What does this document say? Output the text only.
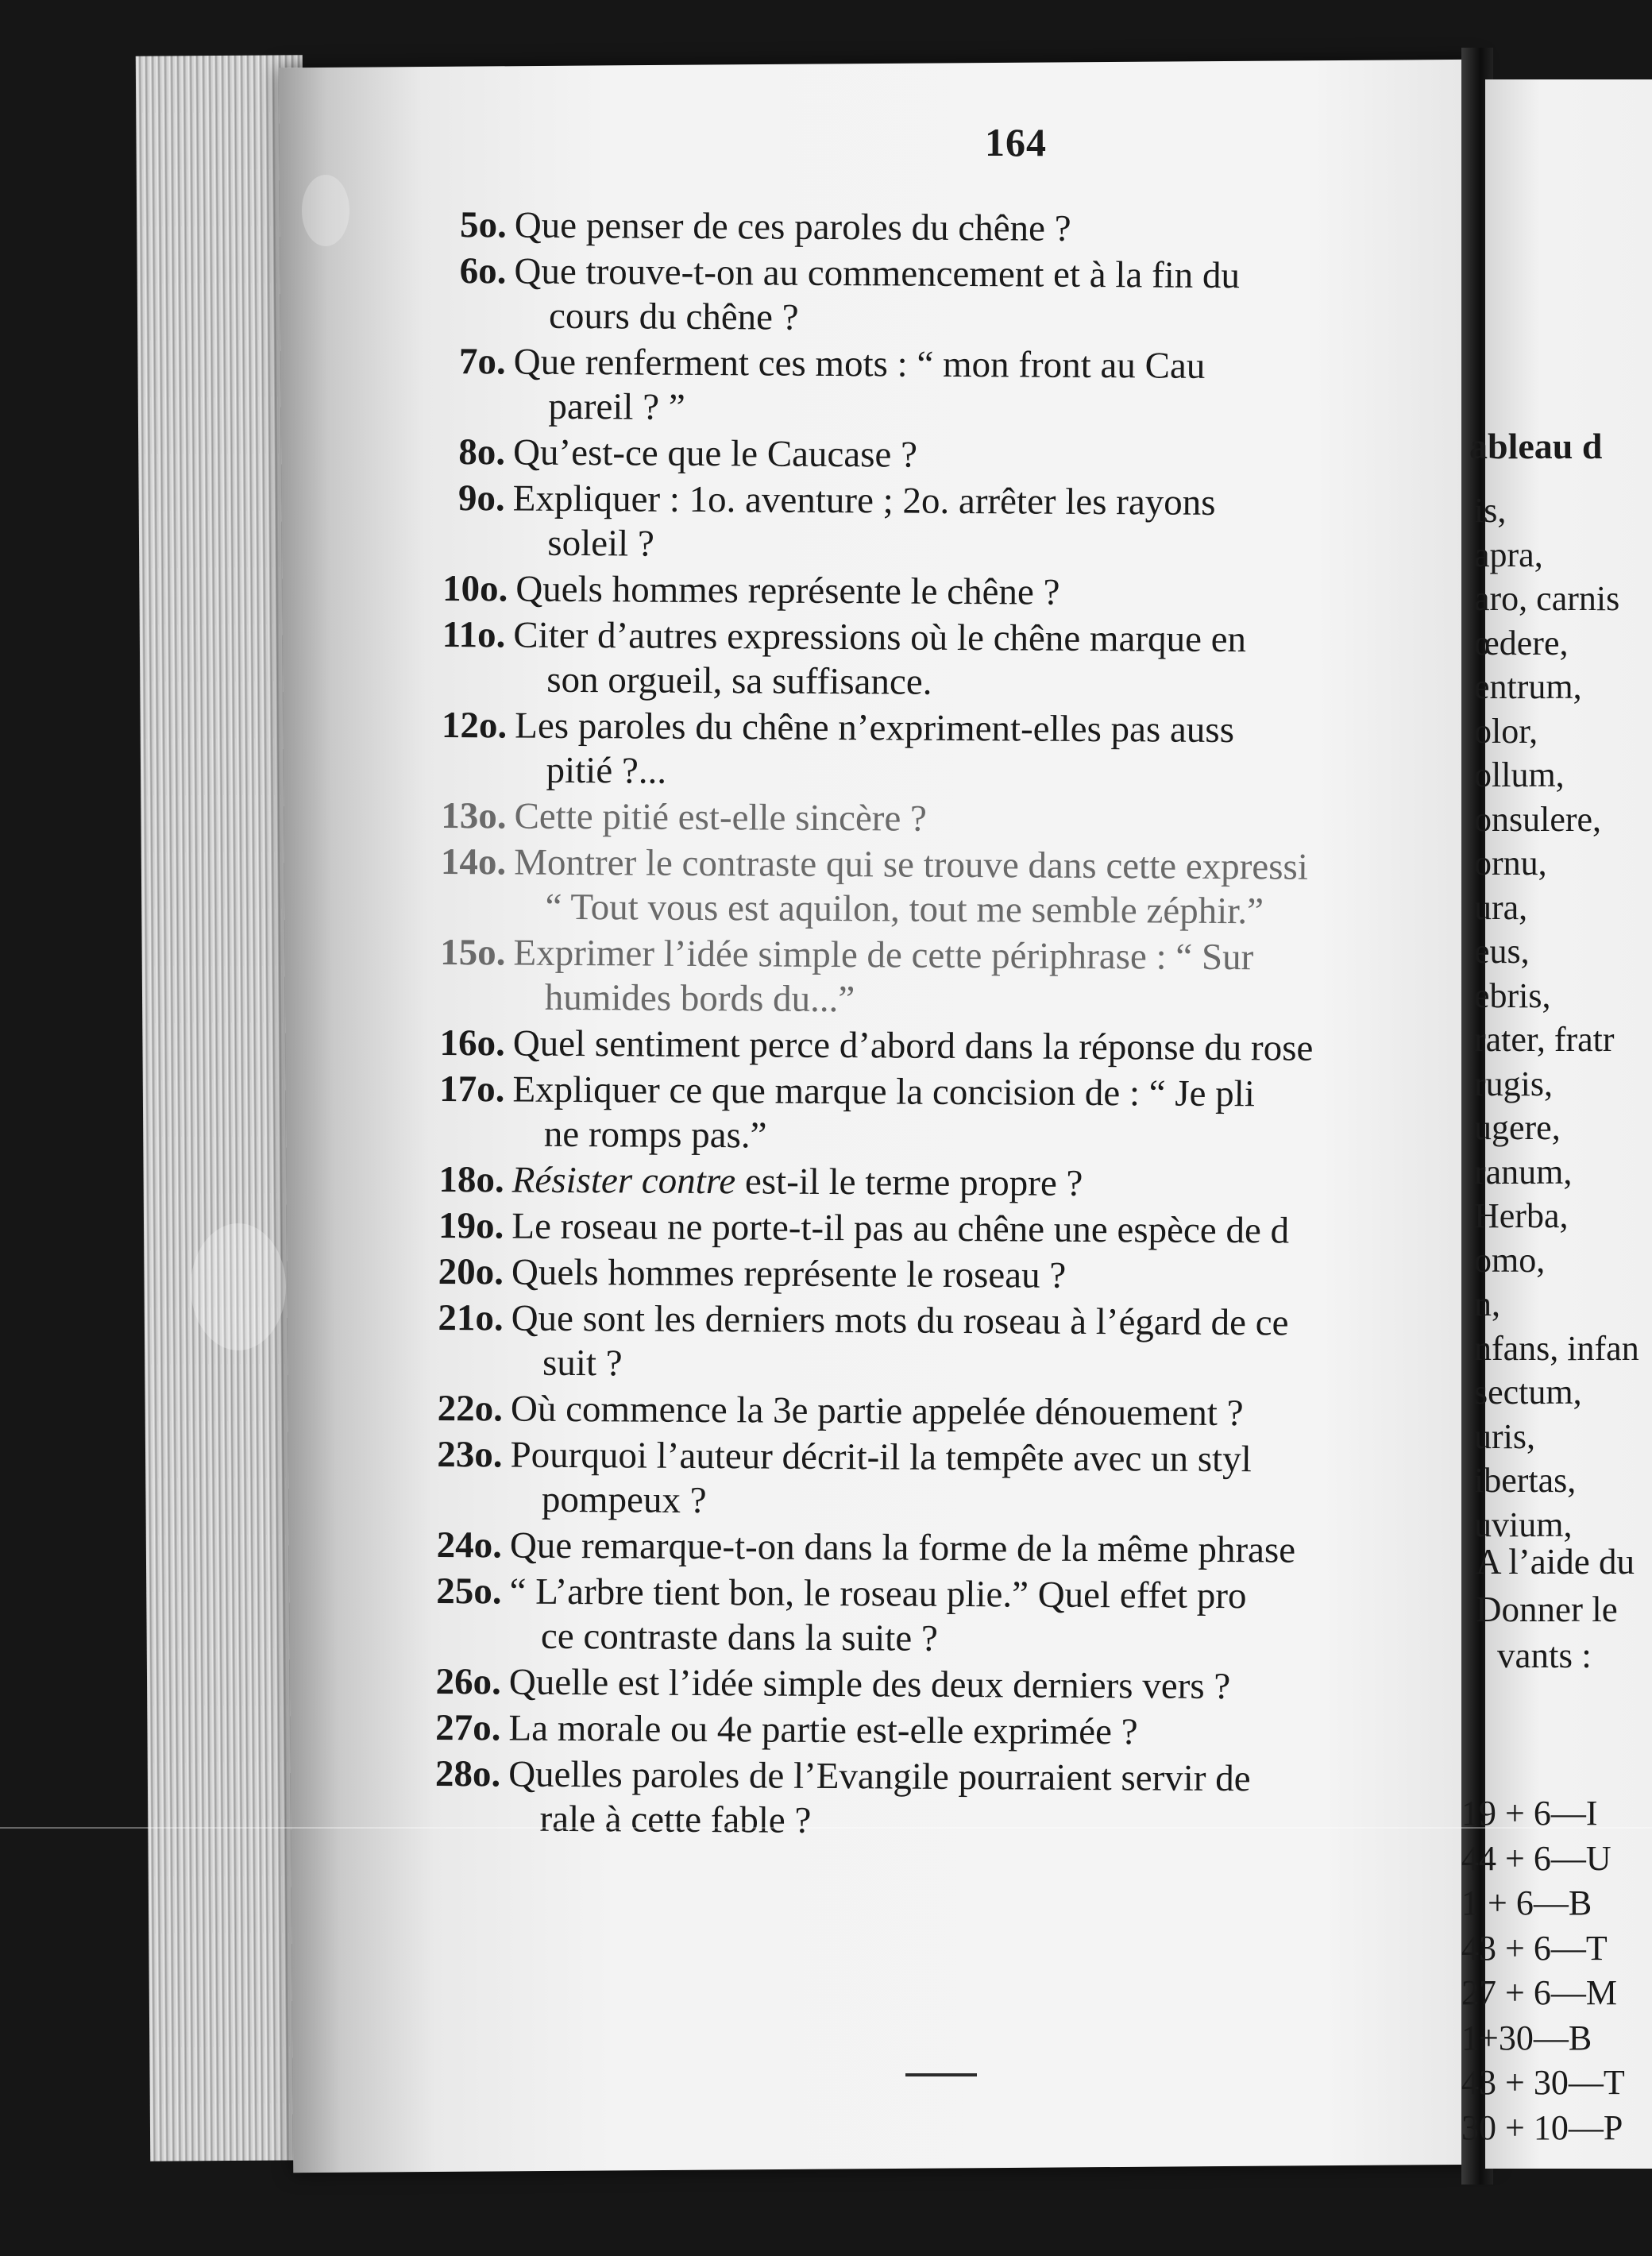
164
5o. Que penser de ces paroles du chêne ?
6o. Que trouve-t-on au commencement et à la fin du
cours du chêne ?
7o. Que renferment ces mots : “ mon front au Cau
pareil ? ”
8o. Qu’est-ce que le Caucase ?
9o. Expliquer : 1o. aventure ; 2o. arrêter les rayons
soleil ?
10o. Quels hommes représente le chêne ?
11o. Citer d’autres expressions où le chêne marque en
son orgueil, sa suffisance.
12o. Les paroles du chêne n’expriment-elles pas auss
pitié ?...
13o. Cette pitié est-elle sincère ?
14o. Montrer le contraste qui se trouve dans cette expressi
“ Tout vous est aquilon, tout me semble zéphir.”
15o. Exprimer l’idée simple de cette périphrase : “ Sur
humides bords du...”
16o. Quel sentiment perce d’abord dans la réponse du rose
17o. Expliquer ce que marque la concision de : “ Je pli
ne romps pas.”
18o. Résister contre est-il le terme propre ?
19o. Le roseau ne porte-t-il pas au chêne une espèce de d
20o. Quels hommes représente le roseau ?
21o. Que sont les derniers mots du roseau à l’égard de ce
suit ?
22o. Où commence la 3e partie appelée dénouement ?
23o. Pourquoi l’auteur décrit-il la tempête avec un styl
pompeux ?
24o. Que remarque-t-on dans la forme de la même phrase
25o. “ L’arbre tient bon, le roseau plie.” Quel effet pro
ce contraste dans la suite ?
26o. Quelle est l’idée simple des deux derniers vers ?
27o. La morale ou 4e partie est-elle exprimée ?
28o. Quelles paroles de l’Evangile pourraient servir de
rale à cette fable ?
ableau d
is,
apra,
aro, carnis
œdere,
entrum,
olor,
ollum,
onsulere,
ornu,
ura,
eus,
ebris,
rater, fratr
rugis,
ugere,
ranum,
Herba,
omo,
n,
nfans, infan
sectum,
uris,
ibertas,
uvium,
A l’aide du
Donner le
vants :
19 + 6—I
44 + 6—U
1 + 6—B
43 + 6—T
27 + 6—M
1+30—B
43 + 30—T
30 + 10—P
